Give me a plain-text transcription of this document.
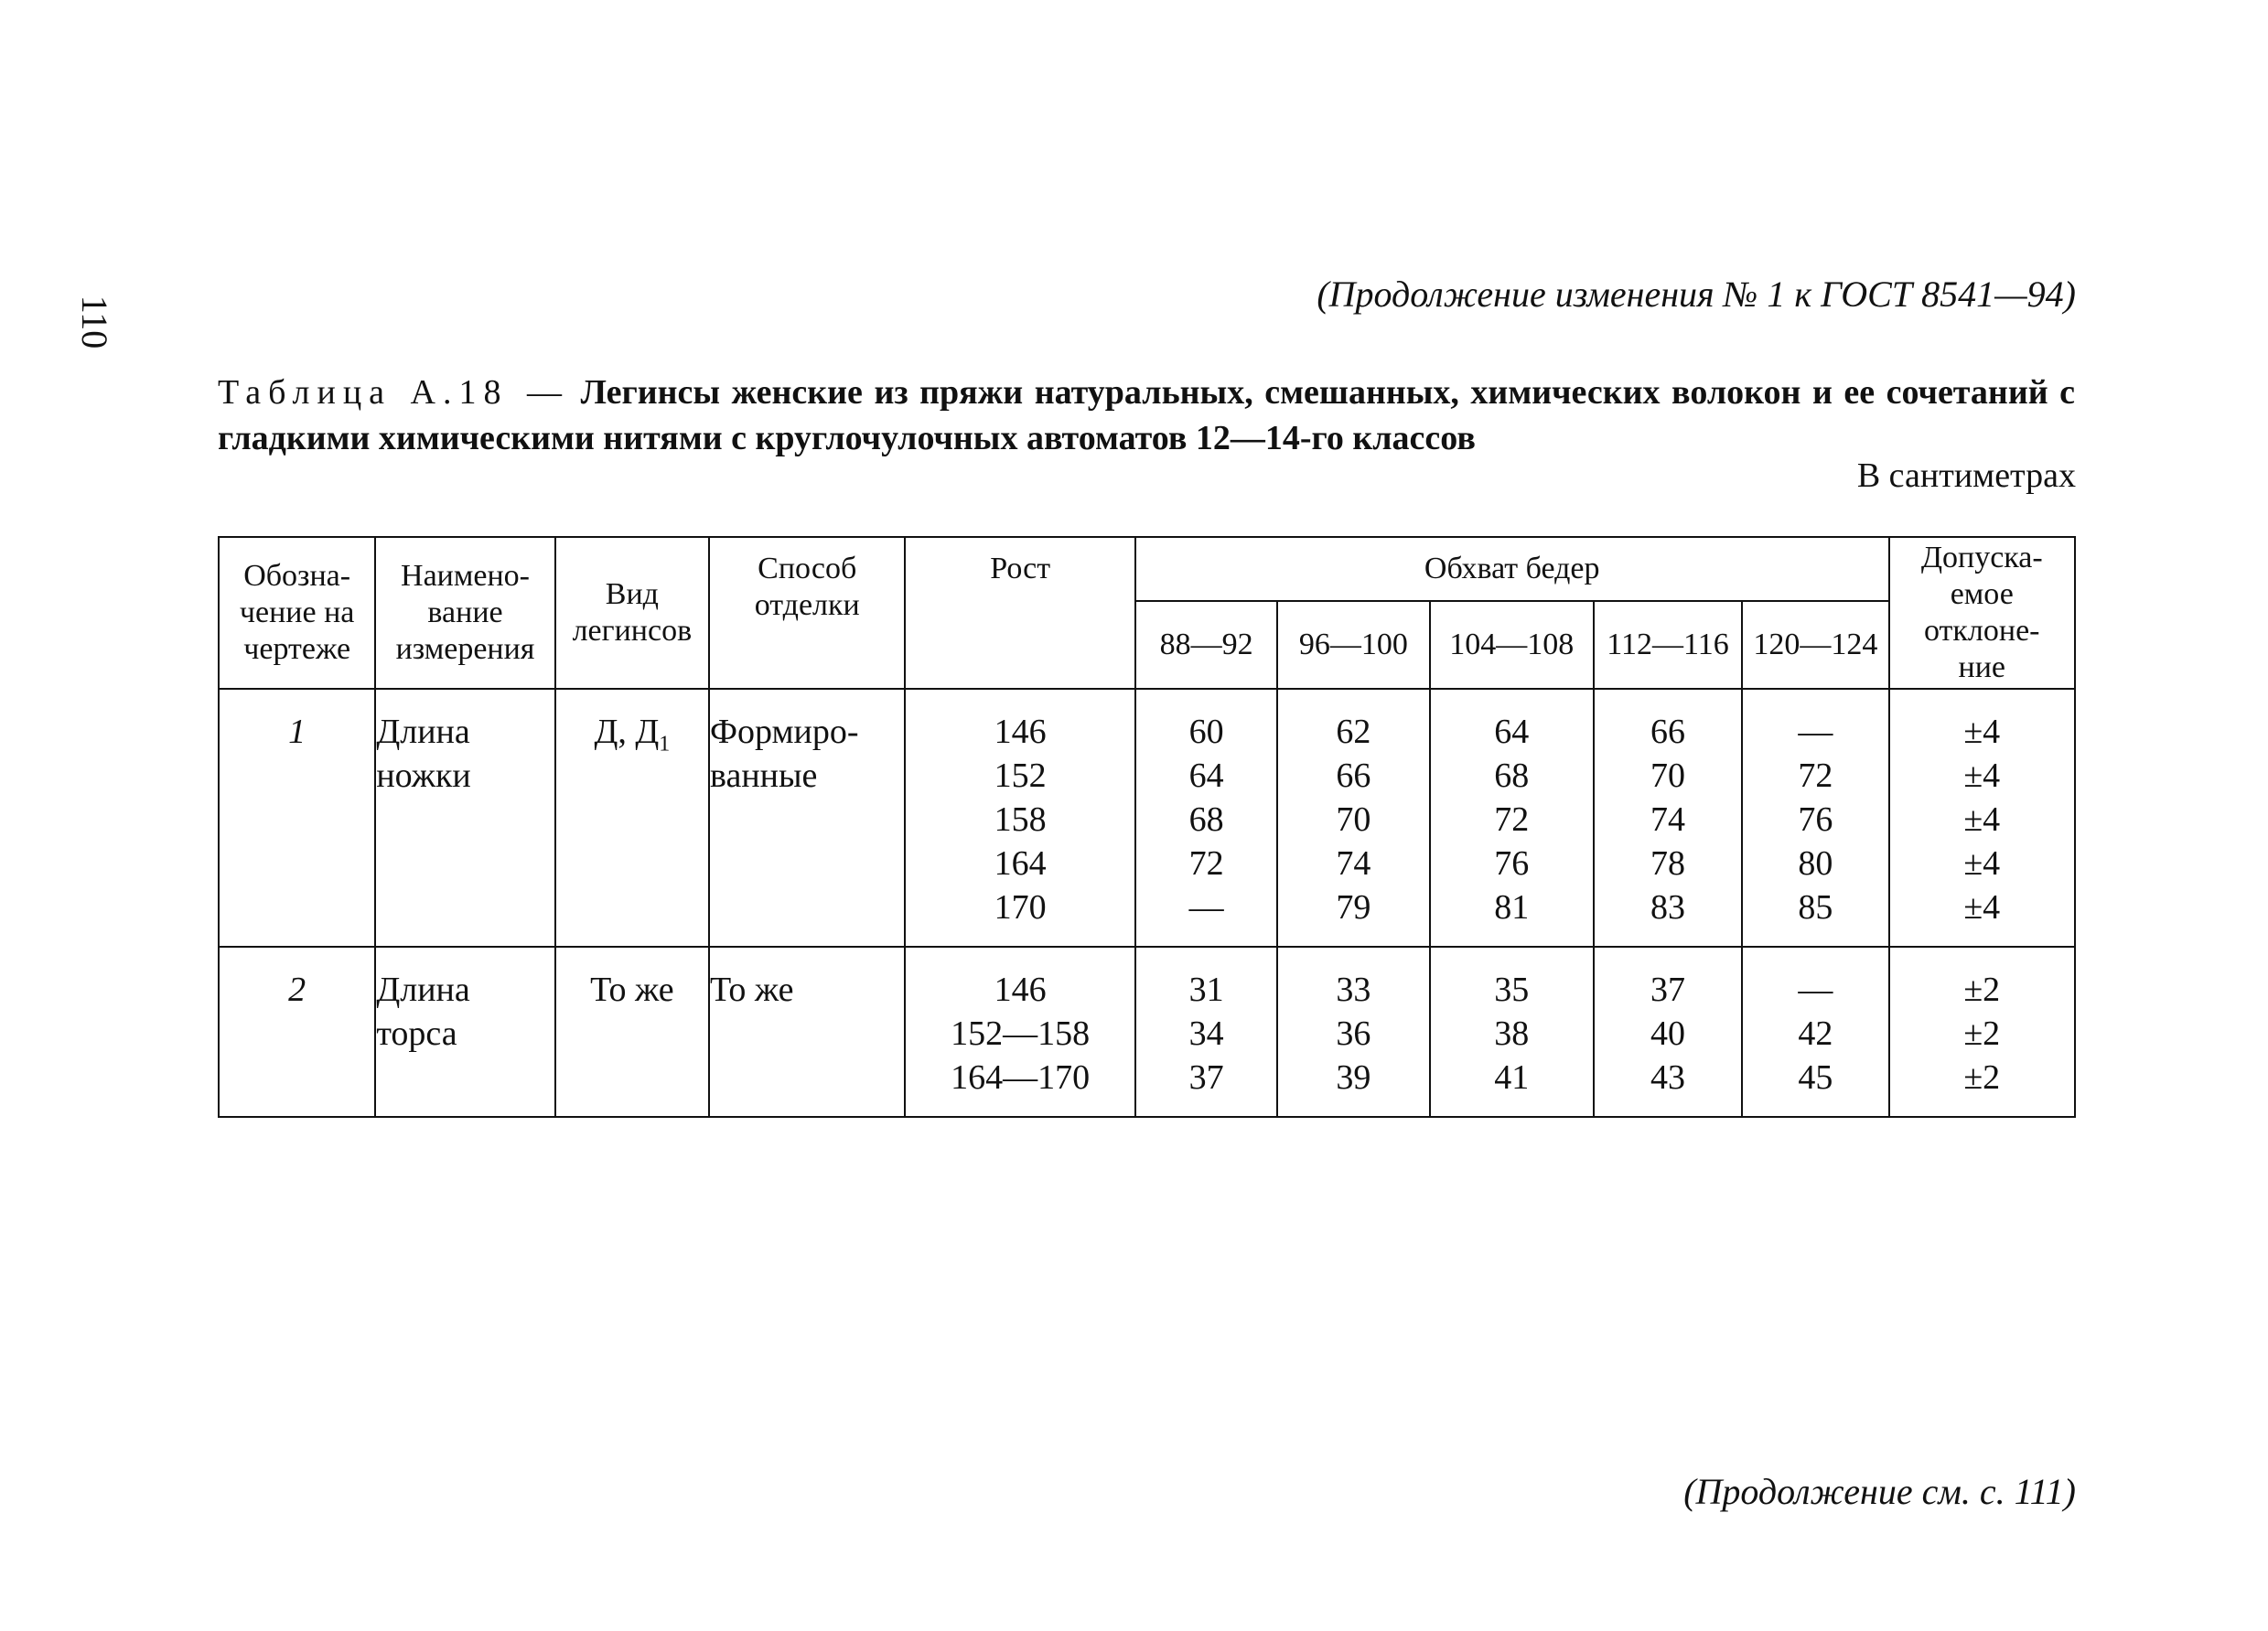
110
(Продолжение изменения № 1 к ГОСТ 8541—94)
Таблица А.18 — Легинсы женские из пряжи натуральных, смешанных, химических волокон и ее сочетаний с гладкими химическими нитями с круглочулочных автоматов 12—14-го классов
В сантиметрах
Обозна-
чение на
чертеже	Наимено-
вание
измерения	Вид
легинсов	Способ
отделки	Рост	Обхват бедер					Допуска-
емое
отклоне-
ние

					88—92	96—100	104—108	112—116	120—124	
1	Длина
ножки	Д, $Д_1$	Формиро-
ванные	146
152
158
164
170	60
64
68
72
—	62
66
70
74
79	64
68
72
76
81	66
70
74
78
83	—
72
76
80
85	±4
±4
±4
±4
±4

2	Длина
торса	То же	То же	146
152—158
164—170	31
34
37	33
36
39	35
38
41	37
40
43	—
42
45	±2
±2
±2
(Продолжение см. с. 111)
